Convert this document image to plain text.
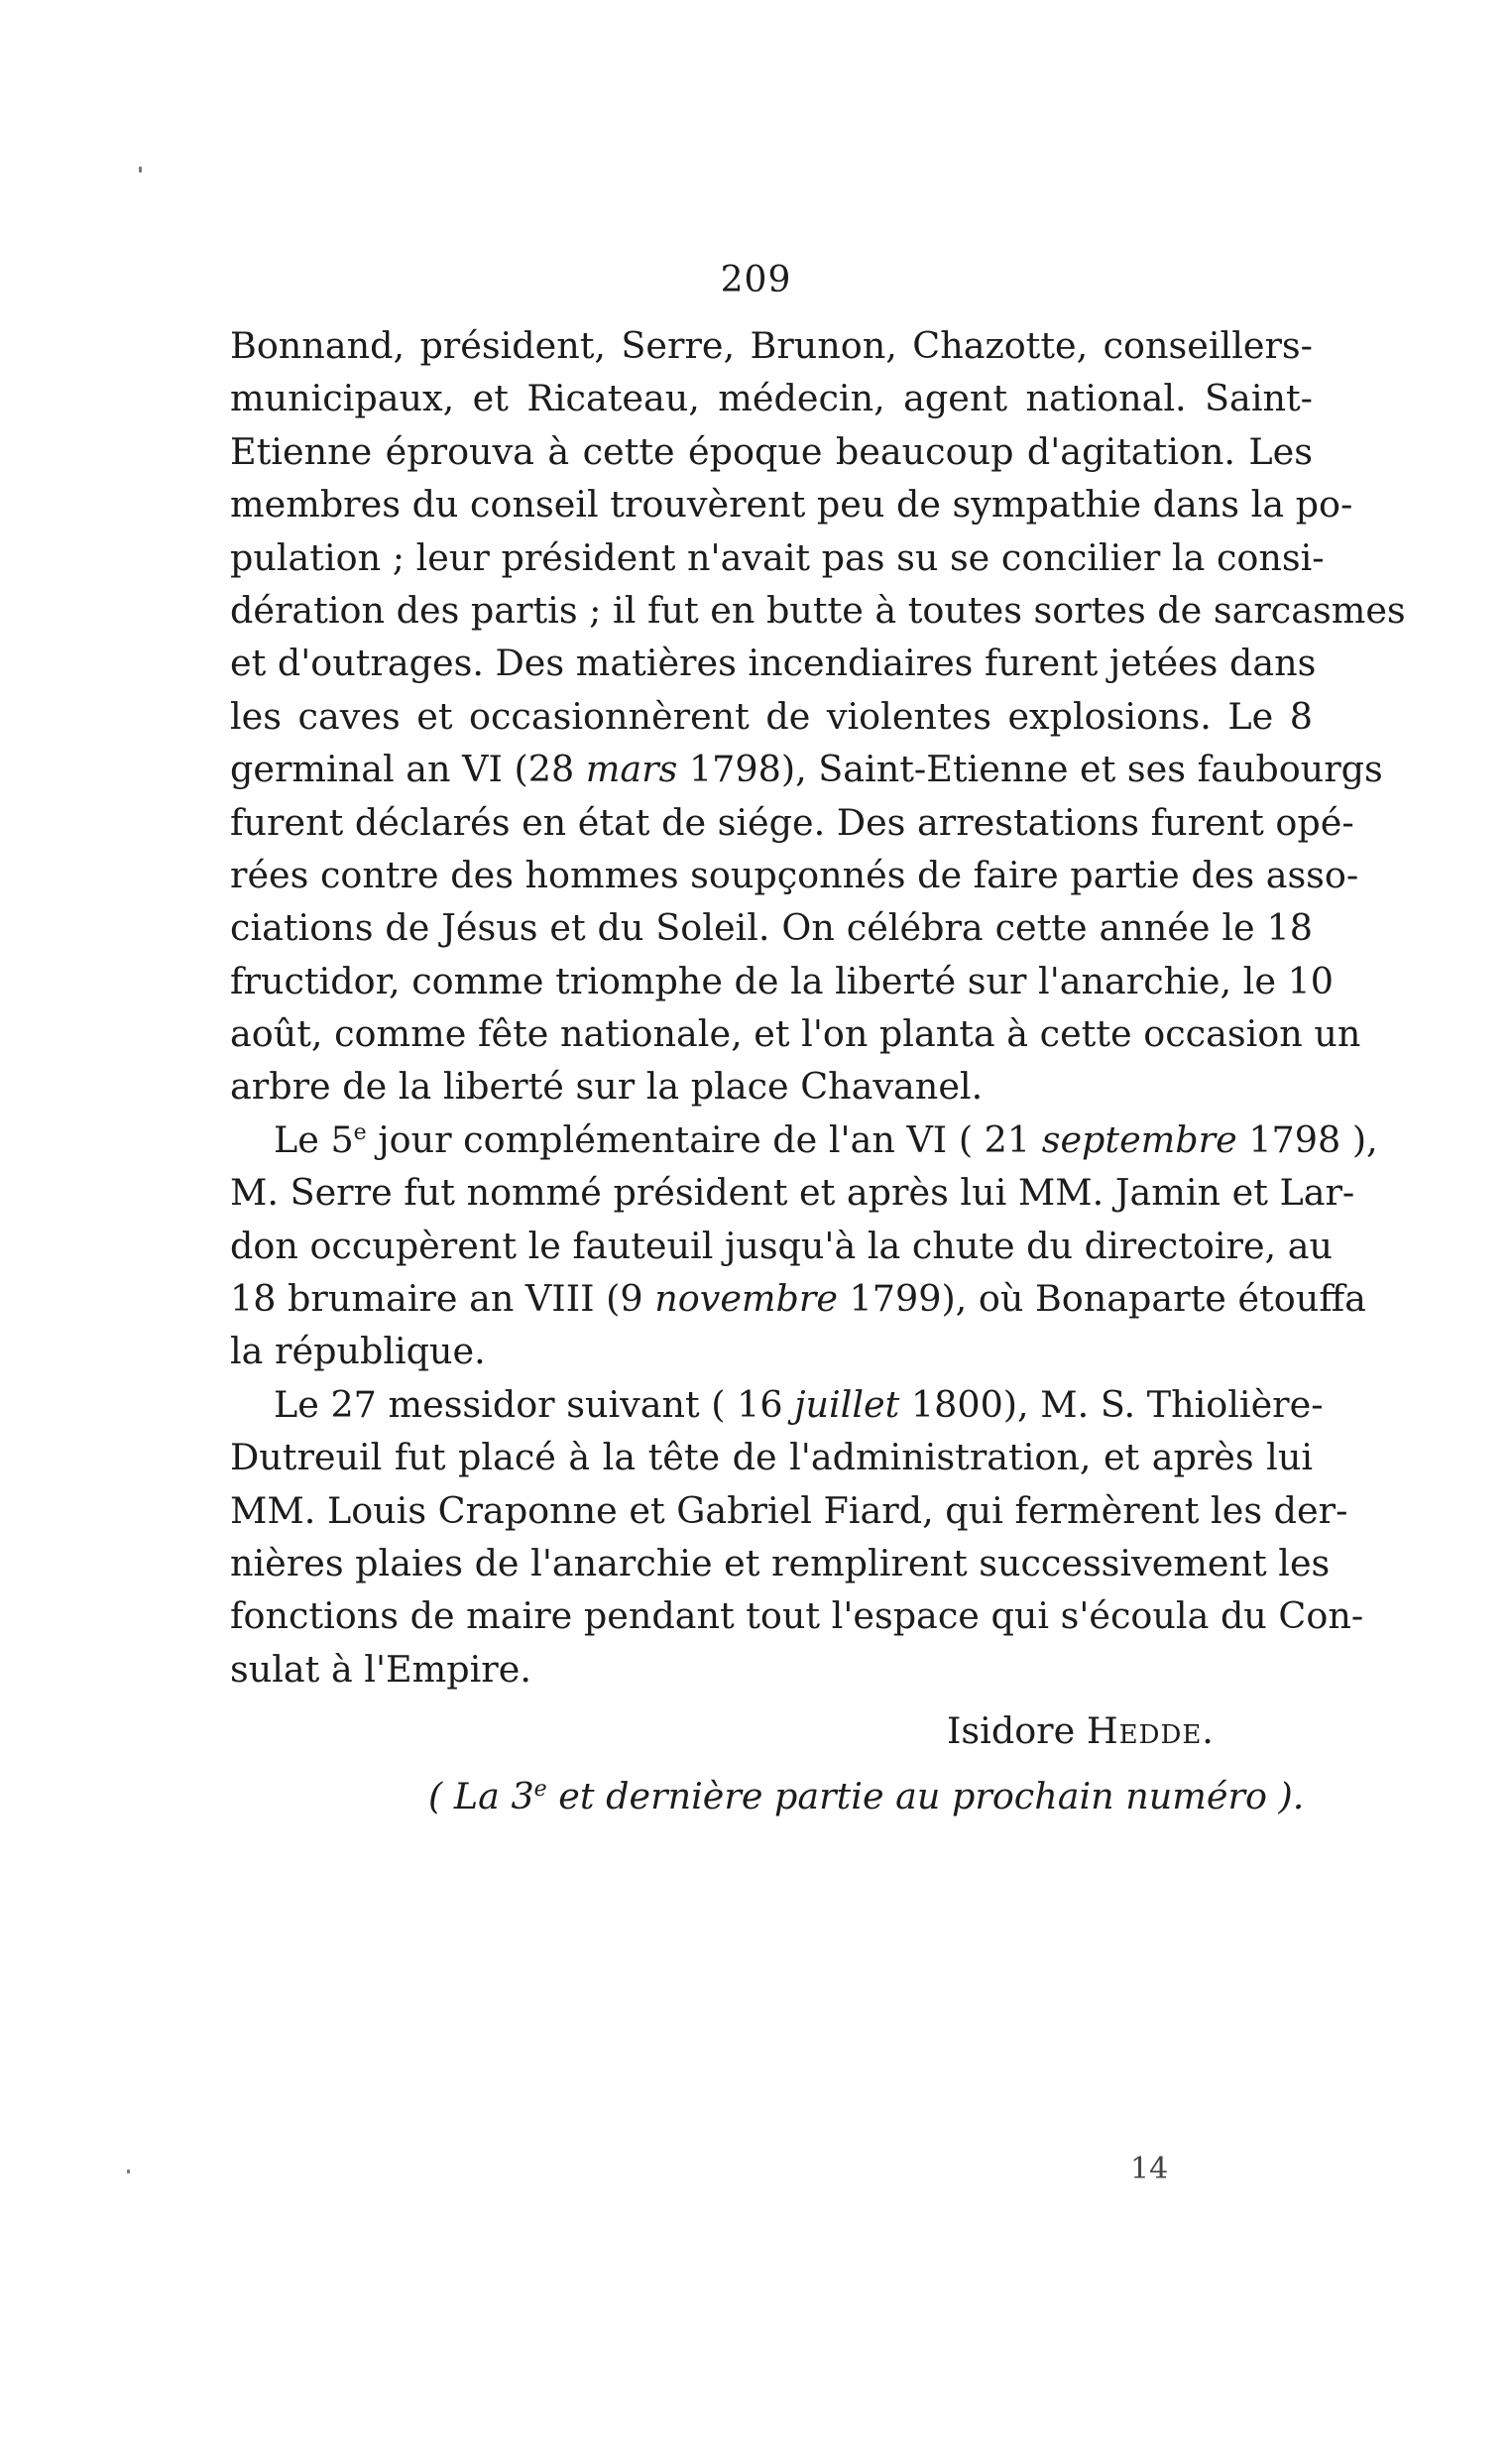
209
Bonnand, président, Serre, Brunon, Chazotte, conseillers-
municipaux, et Ricateau, médecin, agent national. Saint-
Etienne éprouva à cette époque beaucoup d'agitation. Les
membres du conseil trouvèrent peu de sympathie dans la po-
pulation ; leur président n'avait pas su se concilier la consi-
dération des partis ; il fut en butte à toutes sortes de sarcasmes
et d'outrages. Des matières incendiaires furent jetées dans
les caves et occasionnèrent de violentes explosions. Le 8
germinal an VI (28 mars 1798), Saint-Etienne et ses faubourgs
furent déclarés en état de siége. Des arrestations furent opé-
rées contre des hommes soupçonnés de faire partie des asso-
ciations de Jésus et du Soleil. On célébra cette année le 18
fructidor, comme triomphe de la liberté sur l'anarchie, le 10
août, comme fête nationale, et l'on planta à cette occasion un
arbre de la liberté sur la place Chavanel.
Le 5e jour complémentaire de l'an VI ( 21 septembre 1798 ),
M. Serre fut nommé président et après lui MM. Jamin et Lar-
don occupèrent le fauteuil jusqu'à la chute du directoire, au
18 brumaire an VIII (9 novembre 1799), où Bonaparte étouffa
la république.
Le 27 messidor suivant ( 16 juillet 1800), M. S. Thiolière-
Dutreuil fut placé à la tête de l'administration, et après lui
MM. Louis Craponne et Gabriel Fiard, qui fermèrent les der-
nières plaies de l'anarchie et remplirent successivement les
fonctions de maire pendant tout l'espace qui s'écoula du Con-
sulat à l'Empire.
Isidore Hedde.
( La 3e et dernière partie au prochain numéro ).
14
